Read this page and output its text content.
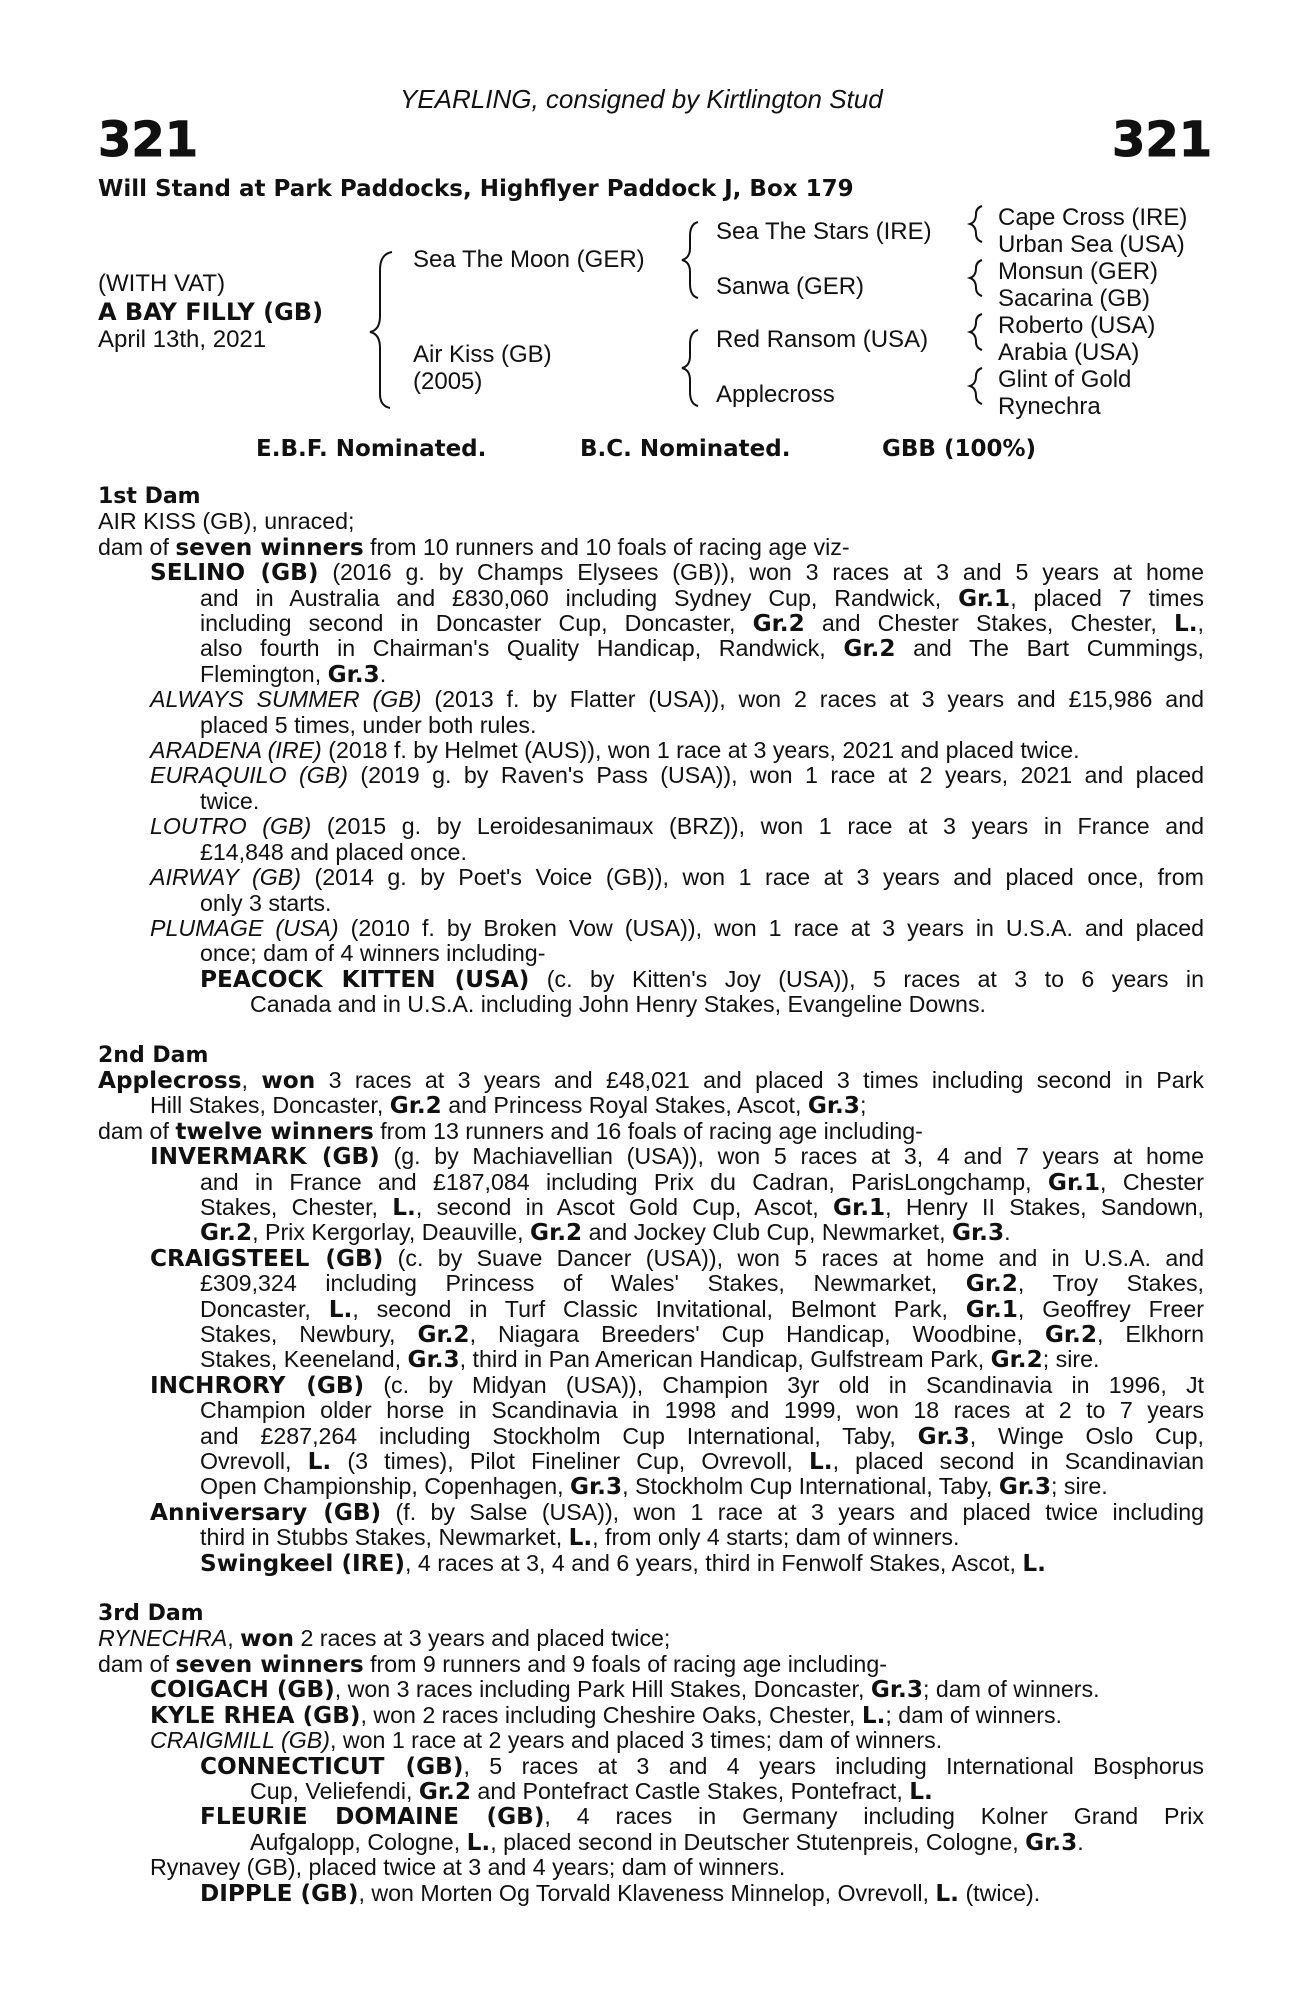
YEARLING, consigned by Kirtlington Stud
321	321
Will Stand at Park Paddocks, Highflyer Paddock J, Box 179
(WITH VAT)
A BAY FILLY (GB)
April 13th, 2021
Sea The Moon (GER)
Air Kiss (GB)
(2005)
Sea The Stars (IRE)
Sanwa (GER)
Red Ransom (USA)
Applecross
Cape Cross (IRE)
Urban Sea (USA)
Monsun (GER)
Sacarina (GB)
Roberto (USA)
Arabia (USA)
Glint of Gold
Rynechra
E.B.F. Nominated.	B.C. Nominated.	GBB (100%)
1st Dam
AIR KISS (GB), unraced;
dam of seven winners from 10 runners and 10 foals of racing age viz-
SELINO (GB) (2016 g. by Champs Elysees (GB)), won 3 races at 3 and 5 years at home
and in Australia and £830,060 including Sydney Cup, Randwick, Gr.1, placed 7 times
including second in Doncaster Cup, Doncaster, Gr.2 and Chester Stakes, Chester, L.,
also fourth in Chairman's Quality Handicap, Randwick, Gr.2 and The Bart Cummings,
Flemington, Gr.3.
ALWAYS SUMMER (GB) (2013 f. by Flatter (USA)), won 2 races at 3 years and £15,986 and
placed 5 times, under both rules.
ARADENA (IRE) (2018 f. by Helmet (AUS)), won 1 race at 3 years, 2021 and placed twice.
EURAQUILO (GB) (2019 g. by Raven's Pass (USA)), won 1 race at 2 years, 2021 and placed
twice.
LOUTRO (GB) (2015 g. by Leroidesanimaux (BRZ)), won 1 race at 3 years in France and
£14,848 and placed once.
AIRWAY (GB) (2014 g. by Poet's Voice (GB)), won 1 race at 3 years and placed once, from
only 3 starts.
PLUMAGE (USA) (2010 f. by Broken Vow (USA)), won 1 race at 3 years in U.S.A. and placed
once; dam of 4 winners including-
PEACOCK KITTEN (USA) (c. by Kitten's Joy (USA)), 5 races at 3 to 6 years in
Canada and in U.S.A. including John Henry Stakes, Evangeline Downs.
2nd Dam
Applecross, won 3 races at 3 years and £48,021 and placed 3 times including second in Park
Hill Stakes, Doncaster, Gr.2 and Princess Royal Stakes, Ascot, Gr.3;
dam of twelve winners from 13 runners and 16 foals of racing age including-
INVERMARK (GB) (g. by Machiavellian (USA)), won 5 races at 3, 4 and 7 years at home
and in France and £187,084 including Prix du Cadran, ParisLongchamp, Gr.1, Chester
Stakes, Chester, L., second in Ascot Gold Cup, Ascot, Gr.1, Henry II Stakes, Sandown,
Gr.2, Prix Kergorlay, Deauville, Gr.2 and Jockey Club Cup, Newmarket, Gr.3.
CRAIGSTEEL (GB) (c. by Suave Dancer (USA)), won 5 races at home and in U.S.A. and
£309,324 including Princess of Wales' Stakes, Newmarket, Gr.2, Troy Stakes,
Doncaster, L., second in Turf Classic Invitational, Belmont Park, Gr.1, Geoffrey Freer
Stakes, Newbury, Gr.2, Niagara Breeders' Cup Handicap, Woodbine, Gr.2, Elkhorn
Stakes, Keeneland, Gr.3, third in Pan American Handicap, Gulfstream Park, Gr.2; sire.
INCHRORY (GB) (c. by Midyan (USA)), Champion 3yr old in Scandinavia in 1996, Jt
Champion older horse in Scandinavia in 1998 and 1999, won 18 races at 2 to 7 years
and £287,264 including Stockholm Cup International, Taby, Gr.3, Winge Oslo Cup,
Ovrevoll, L. (3 times), Pilot Fineliner Cup, Ovrevoll, L., placed second in Scandinavian
Open Championship, Copenhagen, Gr.3, Stockholm Cup International, Taby, Gr.3; sire.
Anniversary (GB) (f. by Salse (USA)), won 1 race at 3 years and placed twice including
third in Stubbs Stakes, Newmarket, L., from only 4 starts; dam of winners.
Swingkeel (IRE), 4 races at 3, 4 and 6 years, third in Fenwolf Stakes, Ascot, L.
3rd Dam
RYNECHRA, won 2 races at 3 years and placed twice;
dam of seven winners from 9 runners and 9 foals of racing age including-
COIGACH (GB), won 3 races including Park Hill Stakes, Doncaster, Gr.3; dam of winners.
KYLE RHEA (GB), won 2 races including Cheshire Oaks, Chester, L.; dam of winners.
CRAIGMILL (GB), won 1 race at 2 years and placed 3 times; dam of winners.
CONNECTICUT (GB), 5 races at 3 and 4 years including International Bosphorus
Cup, Veliefendi, Gr.2 and Pontefract Castle Stakes, Pontefract, L.
FLEURIE DOMAINE (GB), 4 races in Germany including Kolner Grand Prix
Aufgalopp, Cologne, L., placed second in Deutscher Stutenpreis, Cologne, Gr.3.
Rynavey (GB), placed twice at 3 and 4 years; dam of winners.
DIPPLE (GB), won Morten Og Torvald Klaveness Minnelop, Ovrevoll, L. (twice).
